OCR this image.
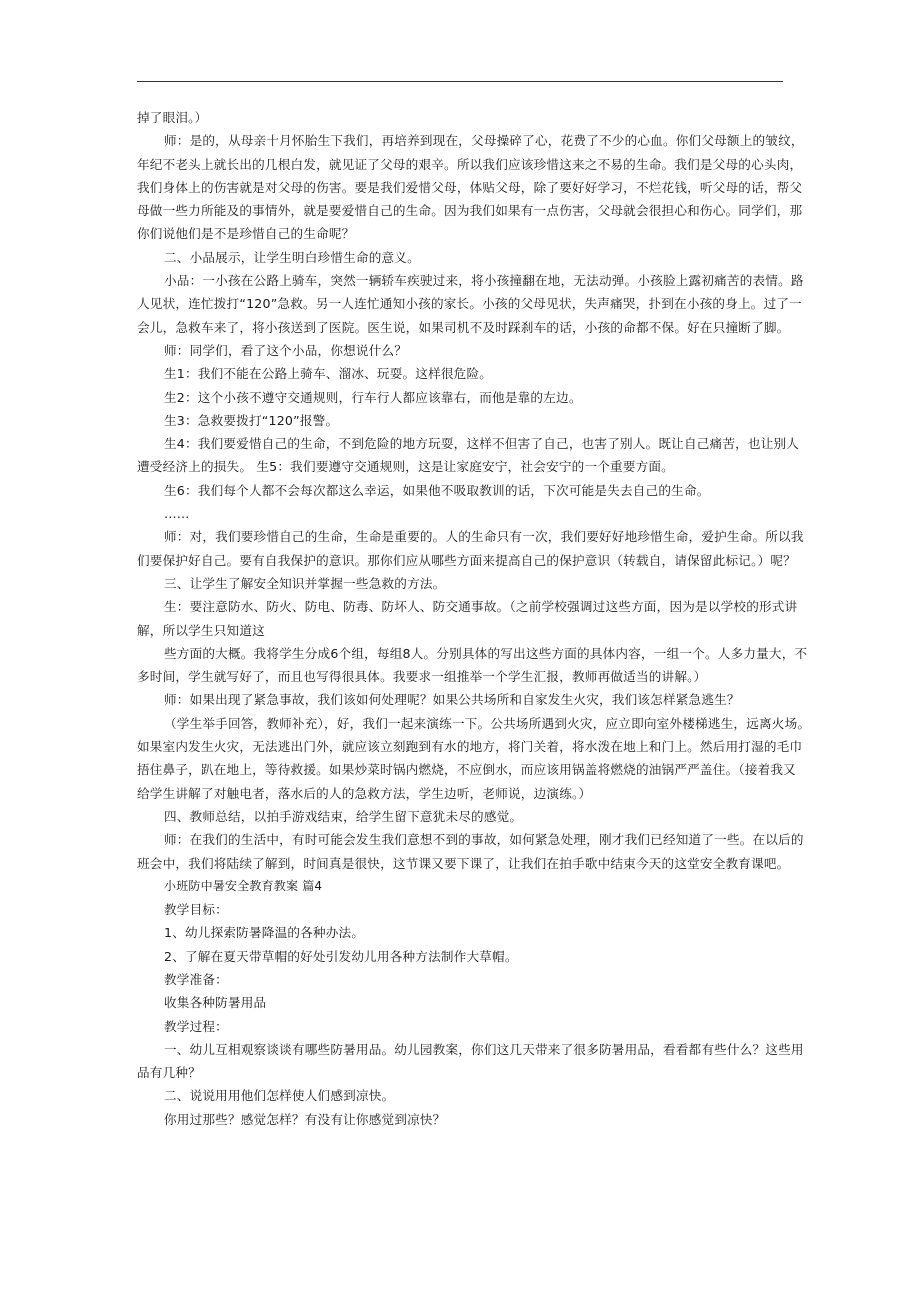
掉了眼泪。）

师：是的，从母亲十月怀胎生下我们，再培养到现在，父母操碎了心，花费了不少的心血。你们父母额上的皱纹，

年纪不老头上就长出的几根白发，就见证了父母的艰辛。所以我们应该珍惜这来之不易的生命。我们是父母的心头肉，

我们身体上的伤害就是对父母的伤害。要是我们爱惜父母，体贴父母，除了要好好学习，不烂花钱，听父母的话，帮父

母做一些力所能及的事情外，就是要爱惜自己的生命。因为我们如果有一点伤害，父母就会很担心和伤心。同学们，那

你们说他们是不是珍惜自己的生命呢？

二、小品展示，让学生明白珍惜生命的意义。

小品：一小孩在公路上骑车，突然一辆轿车疾驶过来，将小孩撞翻在地，无法动弹。小孩脸上露初痛苦的表情。路

人见状，连忙拨打“120”急救。另一人连忙通知小孩的家长。小孩的父母见状，失声痛哭，扑到在小孩的身上。过了一

会儿，急救车来了，将小孩送到了医院。医生说，如果司机不及时踩刹车的话，小孩的命都不保。好在只撞断了脚。

师：同学们，看了这个小品，你想说什么？

生1：我们不能在公路上骑车、溜冰、玩耍。这样很危险。

生2：这个小孩不遵守交通规则，行车行人都应该靠右，而他是靠的左边。

生3：急救要拨打“120”报警。

生4：我们要爱惜自己的生命，不到危险的地方玩耍，这样不但害了自己，也害了别人。既让自己痛苦，也让别人

遭受经济上的损失。 生5：我们要遵守交通规则，这是让家庭安宁，社会安宁的一个重要方面。

生6：我们每个人都不会每次都这么幸运，如果他不吸取教训的话，下次可能是失去自己的生命。

……

师：对，我们要珍惜自己的生命，生命是重要的。人的生命只有一次，我们要好好地珍惜生命，爱护生命。所以我

们要保护好自己。要有自我保护的意识。那你们应从哪些方面来提高自己的保护意识（转载自，请保留此标记。）呢？

三、让学生了解安全知识并掌握一些急救的方法。

生：要注意防水、防火、防电、防毒、防坏人、防交通事故。（之前学校强调过这些方面，因为是以学校的形式讲

解，所以学生只知道这

些方面的大概。我将学生分成6个组，每组8人。分别具体的写出这些方面的具体内容，一组一个。人多力量大，不

多时间，学生就写好了，而且也写得很具体。我要求一组推举一个学生汇报，教师再做适当的讲解。）

师：如果出现了紧急事故，我们该如何处理呢？如果公共场所和自家发生火灾，我们该怎样紧急逃生？

（学生举手回答，教师补充），好，我们一起来演练一下。公共场所遇到火灾，应立即向室外楼梯逃生，远离火场。

如果室内发生火灾，无法逃出门外，就应该立刻跑到有水的地方，将门关着，将水泼在地上和门上。然后用打湿的毛巾

捂住鼻子，趴在地上，等待救援。如果炒菜时锅内燃烧，不应倒水，而应该用锅盖将燃烧的油锅严严盖住。（接着我又

给学生讲解了对触电者，落水后的人的急救方法，学生边听，老师说，边演练。）

四、教师总结，以拍手游戏结束，给学生留下意犹未尽的感觉。

师：在我们的生活中，有时可能会发生我们意想不到的事故，如何紧急处理，刚才我们已经知道了一些。在以后的

班会中，我们将陆续了解到，时间真是很快，这节课又要下课了，让我们在拍手歌中结束今天的这堂安全教育课吧。

小班防中暑安全教育教案 篇4

教学目标：

1、幼儿探索防暑降温的各种办法。

2、了解在夏天带草帽的好处引发幼儿用各种方法制作大草帽。

教学准备：

收集各种防暑用品

教学过程：

一、幼儿互相观察谈谈有哪些防暑用品。幼儿园教案，你们这几天带来了很多防暑用品，看看都有些什么？这些用

品有几种？

二、说说用用他们怎样使人们感到凉快。

你用过那些？感觉怎样？有没有让你感觉到凉快？
